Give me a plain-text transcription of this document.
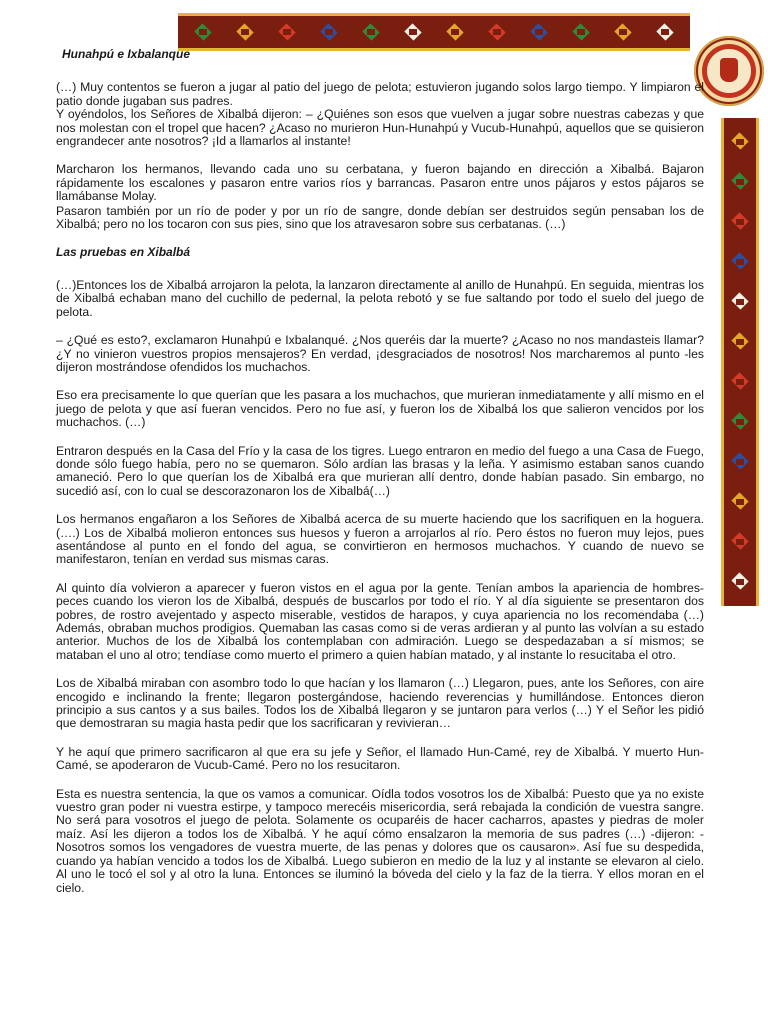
Hunahpú e Ixbalanque

(…) Muy contentos se fueron a jugar al patio del juego de pelota; estuvieron jugando solos largo tiempo. Y limpiaron el patio donde jugaban sus padres.
Y oyéndolos, los Señores de Xibalbá dijeron: – ¿Quiénes son esos que vuelven a jugar sobre nuestras cabezas y que nos molestan con el tropel que hacen? ¿Acaso no murieron Hun-Hunahpú y Vucub-Hunahpú, aquellos que se quisieron engrandecer ante nosotros? ¡Id a llamarlos al instante!

Marcharon los hermanos, llevando cada uno su cerbatana, y fueron bajando en dirección a Xibalbá. Bajaron rápidamente los escalones y pasaron entre varios ríos y barrancas. Pasaron entre unos pájaros y estos pájaros se llamábanse Molay.

Pasaron también por un río de poder y por un río de sangre, donde debían ser destruidos según pensaban los de Xibalbá; pero no los tocaron con sus pies, sino que los atravesaron sobre sus cerbatanas. (…)

Las pruebas en Xibalbá

(…)Entonces los de Xibalbá arrojaron la pelota, la lanzaron directamente al anillo de Hunahpú. En seguida, mientras los de Xibalbá echaban mano del cuchillo de pedernal, la pelota rebotó y se fue saltando por todo el suelo del juego de pelota.

– ¿Qué es esto?, exclamaron Hunahpú e Ixbalanqué. ¿Nos queréis dar la muerte? ¿Acaso no nos mandasteis llamar? ¿Y no vinieron vuestros propios mensajeros? En verdad, ¡desgraciados de nosotros! Nos marcharemos al punto -les dijeron mostrándose ofendidos los muchachos.

Eso era precisamente lo que querían que les pasara a los muchachos, que murieran inmediatamente y allí mismo en el juego de pelota y que así fueran vencidos. Pero no fue así, y fueron los de Xibalbá los que salieron vencidos por los muchachos. (…)

Entraron después en la Casa del Frío y la casa de los tigres. Luego entraron en medio del fuego a una Casa de Fuego, donde sólo fuego había, pero no se quemaron. Sólo ardían las brasas y la leña. Y asimismo estaban sanos cuando amaneció. Pero lo que querían los de Xibalbá era que murieran allí dentro, donde habían pasado. Sin embargo, no sucedió así, con lo cual se descorazonaron los de Xibalbá(…)

Los hermanos engañaron a los Señores de Xibalbá acerca de su muerte haciendo que los sacrifiquen en la hoguera.(….) Los de Xibalbá molieron entonces sus huesos y fueron a arrojarlos al río. Pero éstos no fueron muy lejos, pues asentándose al punto en el fondo del agua, se convirtieron en hermosos muchachos. Y cuando de nuevo se manifestaron, tenían en verdad sus mismas caras.

Al quinto día volvieron a aparecer y fueron vistos en el agua por la gente. Tenían ambos la apariencia de hombres-peces cuando los vieron los de Xibalbá, después de buscarlos por todo el río. Y al día siguiente se presentaron dos pobres, de rostro avejentado y aspecto miserable, vestidos de harapos, y cuya apariencia no los recomendaba (…) Además, obraban muchos prodigios. Quemaban las casas como si de veras ardieran y al punto las volvían a su estado anterior. Muchos de los de Xibalbá los contemplaban con admiración. Luego se despedazaban a sí mismos; se mataban el uno al otro; tendíase como muerto el primero a quien habían matado, y al instante lo resucitaba el otro.

Los de Xibalbá miraban con asombro todo lo que hacían y los llamaron (…) Llegaron, pues, ante los Señores, con aire encogido e inclinando la frente; llegaron postergándose, haciendo reverencias y humillándose. Entonces dieron principio a sus cantos y a sus bailes. Todos los de Xibalbá llegaron y se juntaron para verlos (…) Y el Señor les pidió que demostraran su magia hasta pedir que los sacrificaran y revivieran…

Y he aquí que primero sacrificaron al que era su jefe y Señor, el llamado Hun-Camé, rey de Xibalbá. Y muerto Hun-Camé, se apoderaron de Vucub-Camé. Pero no los resucitaron.

Esta es nuestra sentencia, la que os vamos a comunicar. Oídla todos vosotros los de Xibalbá: Puesto que ya no existe vuestro gran poder ni vuestra estirpe, y tampoco merecéis misericordia, será rebajada la condición de vuestra sangre. No será para vosotros el juego de pelota. Solamente os ocuparéis de hacer cacharros, apastes y piedras de moler maíz. Así les dijeron a todos los de Xibalbá. Y he aquí cómo ensalzaron la memoria de sus padres (…) -dijeron: - Nosotros somos los vengadores de vuestra muerte, de las penas y dolores que os causaron». Así fue su despedida, cuando ya habían vencido a todos los de Xibalbá. Luego subieron en medio de la luz y al instante se elevaron al cielo. Al uno le tocó el sol y al otro la luna. Entonces se iluminó la bóveda del cielo y la faz de la tierra. Y ellos moran en el cielo.
